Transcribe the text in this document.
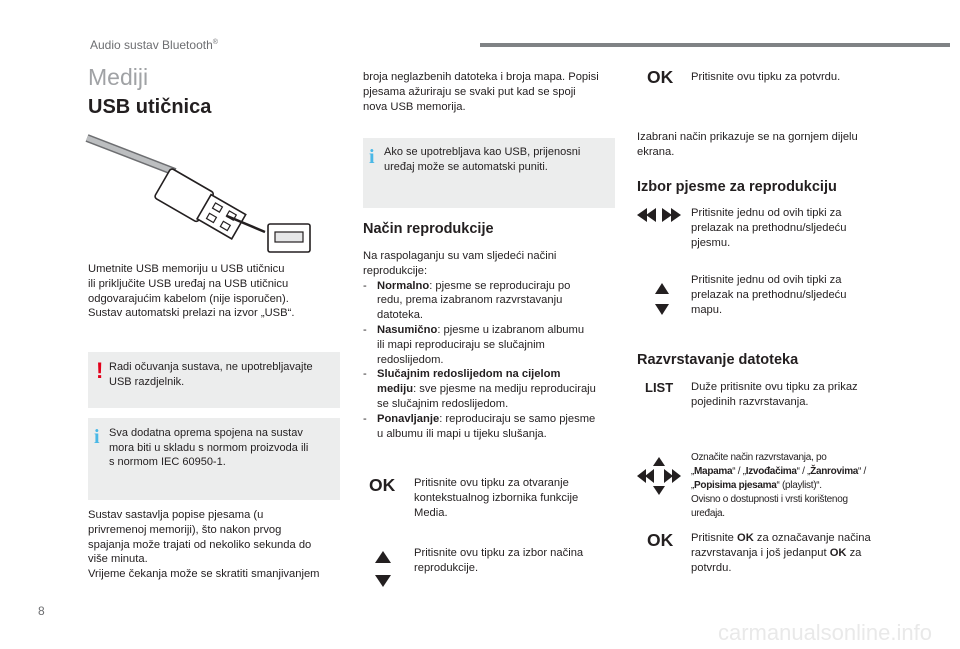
Audio sustav Bluetooth®
Mediji
USB utičnica

Umetnite USB memoriju u USB utičnicu

ili priključite USB uređaj na USB utičnicu

odgovarajućim kabelom (nije isporučen).

Sustav automatski prelazi na izvor „USB“.

! Radi očuvanja sustava, ne upotrebljavajte

USB razdjelnik.

i Sva dodatna oprema spojena na sustav

mora biti u skladu s normom proizvoda ili

s normom IEC 60950-1.

Sustav sastavlja popise pjesama (u

privremenoj memoriji), što nakon prvog

spajanja može trajati od nekoliko sekunda do

više minuta.

Vrijeme čekanja može se skratiti smanjivanjem

broja neglazbenih datoteka i broja mapa. Popisi

pjesama ažuriraju se svaki put kad se spoji

nova USB memorija.

i Ako se upotrebljava kao USB, prijenosni

uređaj može se automatski puniti.

Način reprodukcije

Na raspolaganju su vam sljedeći načini

reprodukcije:

- Normalno: pjesme se reproduciraju po
redu, prema izabranom razvrstavanju
datoteka.
- Nasumično: pjesme u izabranom albumu
ili mapi reproduciraju se slučajnim
redoslijedom.
- Slučajnim redoslijedom na cijelom
mediju: sve pjesme na mediju reproduciraju
se slučajnim redoslijedom.
- Ponavljanje: reproduciraju se samo pjesme
u albumu ili mapi u tijeku slušanja.
OK Pritisnite ovu tipku za otvaranje

kontekstualnog izbornika funkcije

Media.

Pritisnite ovu tipku za izbor načina

reprodukcije.

OK Pritisnite ovu tipku za potvrdu.

Izabrani način prikazuje se na gornjem dijelu

ekrana.

Izbor pjesme za reprodukciju

Pritisnite jednu od ovih tipki za

prelazak na prethodnu/sljedeću

pjesmu.

Pritisnite jednu od ovih tipki za

prelazak na prethodnu/sljedeću

mapu.

Razvrstavanje datoteka
LIST Duže pritisnite ovu tipku za prikaz

pojedinih razvrstavanja.

Označite način razvrstavanja, po

„Mapama“ / „Izvođačima“ / „Žanrovima“ /

„Popisima pjesama“ (playlist)“.

Ovisno o dostupnosti i vrsti korištenog

uređaja.

OK Pritisnite OK za označavanje načina

razvrstavanja i još jedanput OK za

potvrdu.

8
carmanualsonline.info
